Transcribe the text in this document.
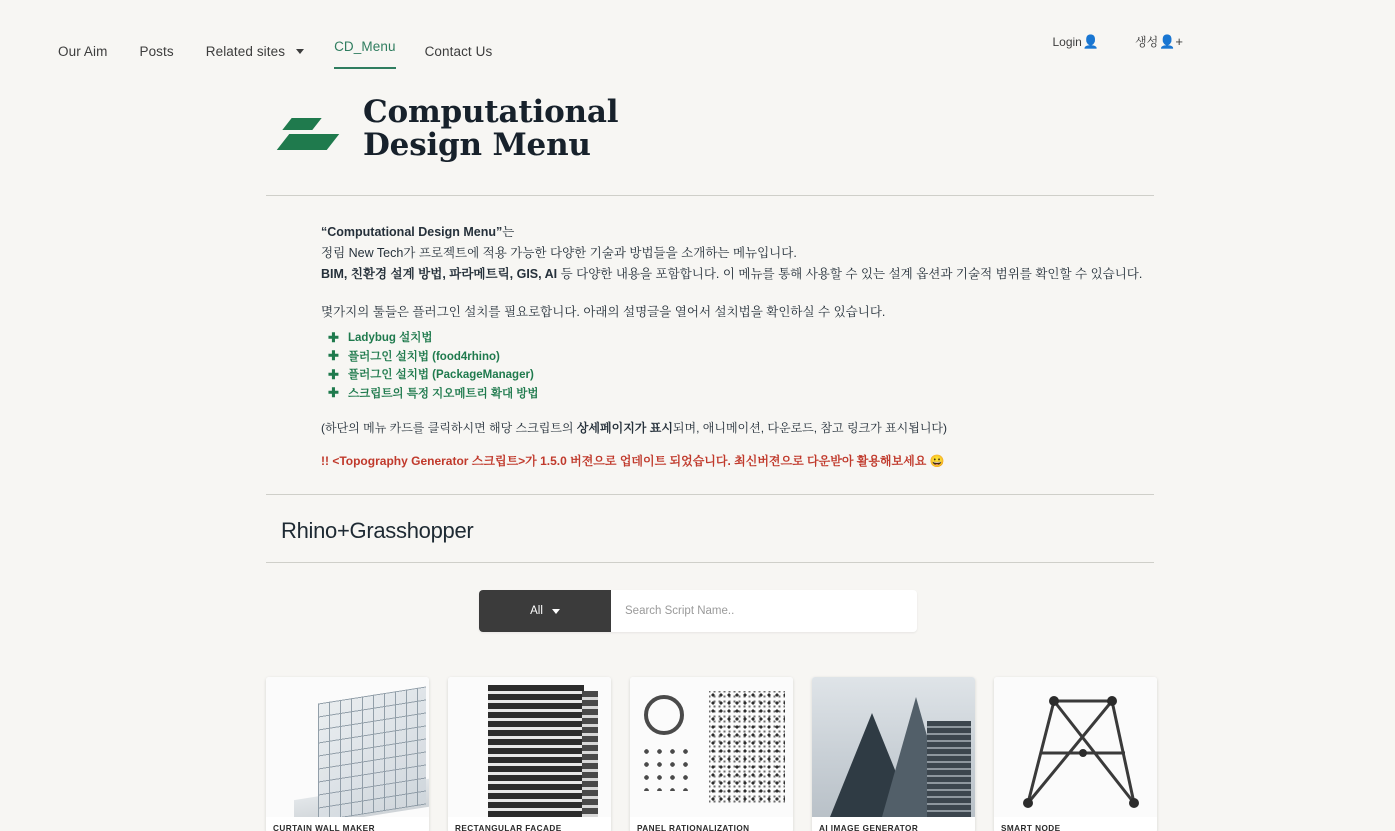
Our Aim Posts Related sites	CD_Menu Contact Us
Login 👤	생성 👤+
Computational
Design Menu

“Computational Design Menu”는

정림 New Tech가 프로젝트에 적용 가능한 다양한 기술과 방법들을 소개하는 메뉴입니다.

BIM, 친환경 설계 방법, 파라메트릭, GIS, AI 등 다양한 내용을 포함합니다. 이 메뉴를 통해 사용할 수 있는 설계 옵션과 기술적 범위를 확인할 수 있습니다.

몇가지의 툴들은 플러그인 설치를 필요로합니다. 아래의 설명글을 열어서 설치법을 확인하실 수 있습니다.

✚ Ladybug 설치법
✚ 플러그인 설치법 (food4rhino)
✚ 플러그인 설치법 (PackageManager)
✚ 스크립트의 특정 지오메트리 확대 방법
(하단의 메뉴 카드를 클릭하시면 해당 스크립트의 상세페이지가 표시되며, 애니메이션, 다운로드, 참고 링크가 표시됩니다)
!! <Topography Generator 스크립트>가 1.5.0 버젼으로 업데이트 되었습니다. 최신버젼으로 다운받아 활용해보세요 😀
Rhino+Grasshopper
All
Search Script Name..
CURTAIN WALL MAKER	RECTANGULAR FACADE	PANEL RATIONALIZATION	AI IMAGE GENERATOR	SMART NODE
